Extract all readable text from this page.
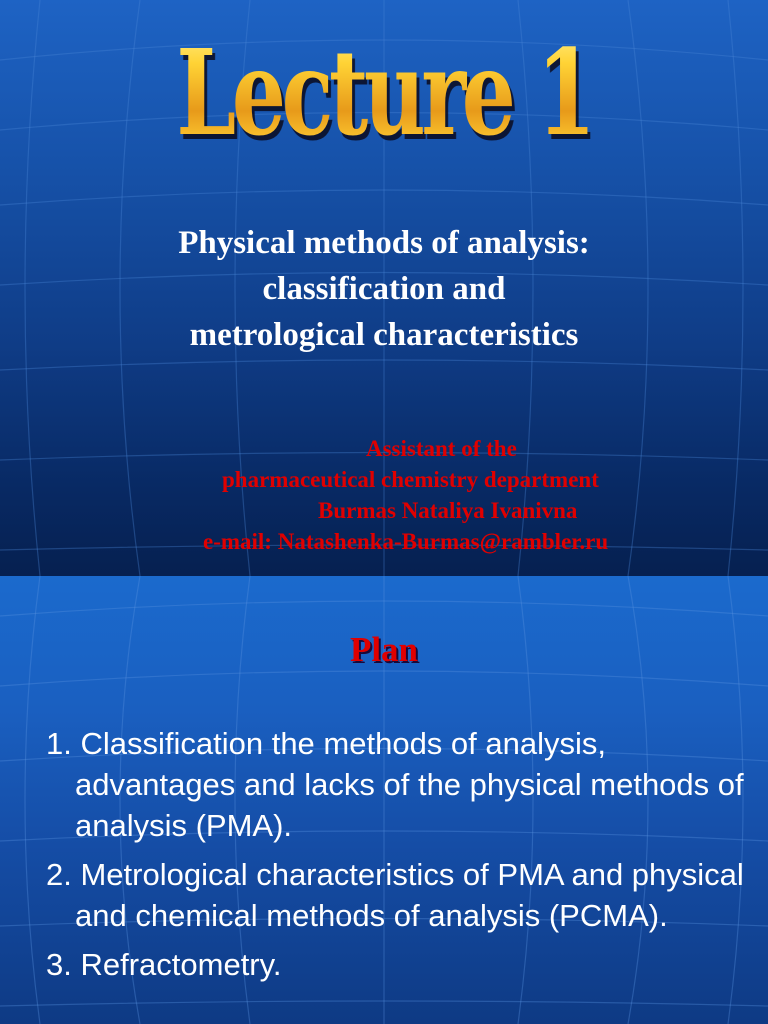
Lecture 1
Physical methods of analysis:
classification and
metrological characteristics
Assistant of the
pharmaceutical chemistry department
Burmas Nataliya Ivanivna
e-mail: Natashenka-Burmas@rambler.ru
Plan
1. Classification the methods of analysis, advantages and lacks of the physical methods of analysis (PMA).
2. Metrological characteristics of PMA and physical and chemical methods of analysis (PCMA).
3. Refractometry.
